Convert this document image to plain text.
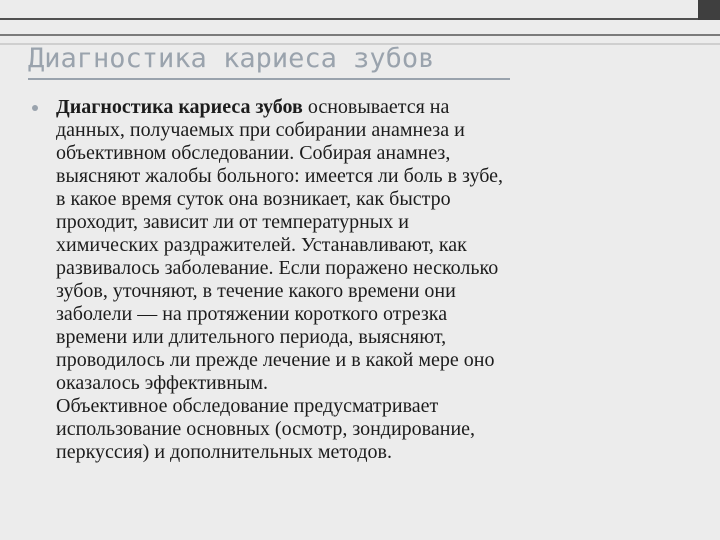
Диагностика кариеса зубов

Диагностика кариеса зубов основывается на
данных, получаемых при собирании анамнеза и
объективном обследовании. Собирая анамнез,
выясняют жалобы больного: имеется ли боль в зубе,
в какое время суток она возникает, как быстро
проходит, зависит ли от температурных и
химических раздражителей. Устанавливают, как
развивалось заболевание. Если поражено несколько
зубов, уточняют, в течение какого времени они
заболели — на протяжении короткого отрезка
времени или длительного периода, выясняют,
проводилось ли прежде лечение и в какой мере оно
оказалось эффективным.
Объективное обследование предусматривает
использование основных (осмотр, зондирование,
перкуссия) и дополнительных методов.
